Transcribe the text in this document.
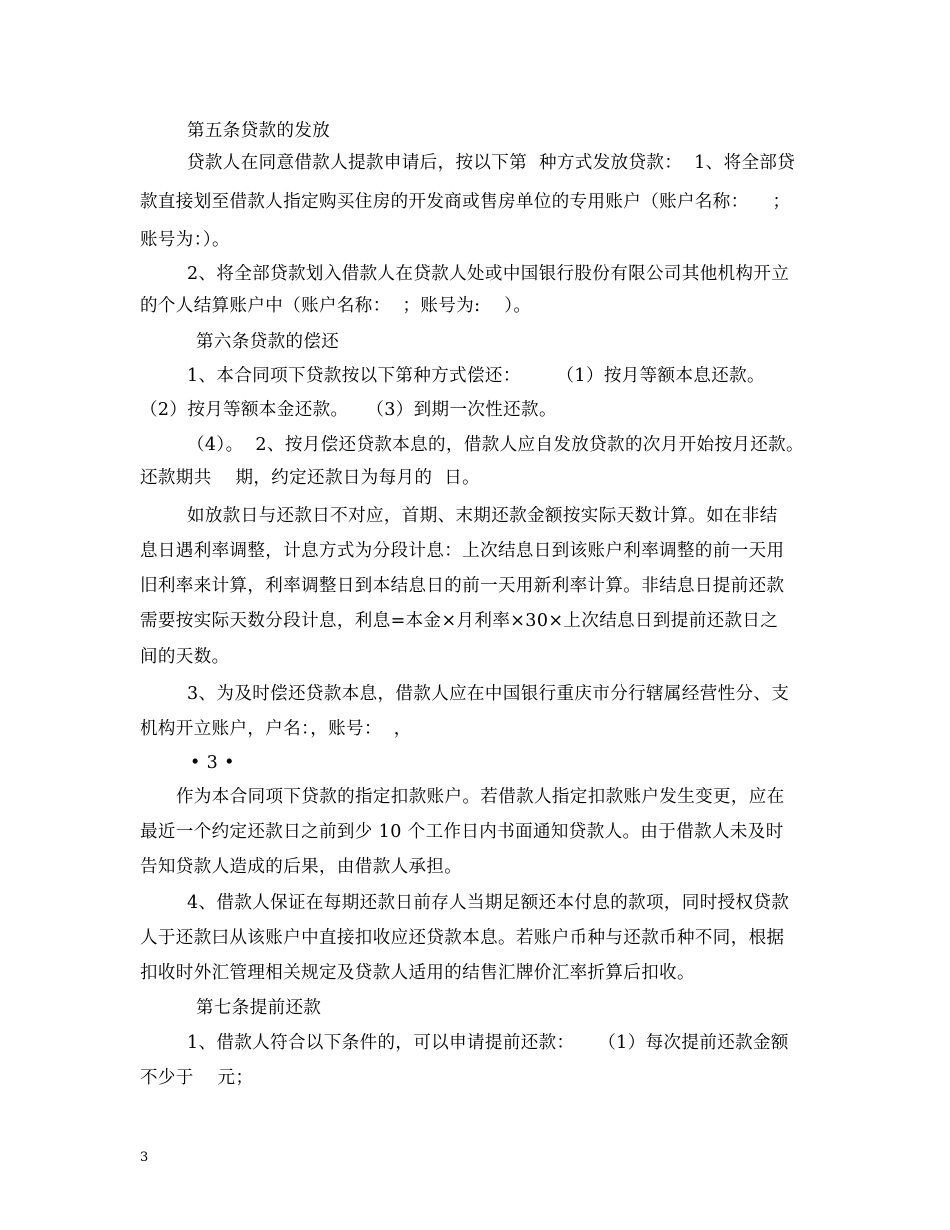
第五条贷款的发放
贷款人在同意借款人提款申请后，按以下第  种方式发放贷款：  1、将全部贷
款直接划至借款人指定购买住房的开发商或售房单位的专用账户（账户名称：    ；
账号为：）。
2、将全部贷款划入借款人在贷款人处或中国银行股份有限公司其他机构开立
的个人结算账户中（账户名称：  ；账号为:    ）。
第六条贷款的偿还
1、本合同项下贷款按以下第种方式偿还：      （1）按月等额本息还款。
（2）按月等额本金还款。   （3）到期一次性还款。
（4）。  2、按月偿还贷款本息的，借款人应自发放贷款的次月开始按月还款。
还款期共    期，约定还款日为每月的  日。
如放款日与还款日不对应，首期、末期还款金额按实际天数计算。如在非结
息日遇利率调整，计息方式为分段计息：上次结息日到该账户利率调整的前一天用
旧利率来计算，利率调整日到本结息日的前一天用新利率计算。非结息日提前还款
需要按实际天数分段计息，利息=本金×月利率×30×上次结息日到提前还款日之
间的天数。
3、为及时偿还贷款本息，借款人应在中国银行重庆市分行辖属经营性分、支
机构开立账户，户名：，账号：  ，
• 3 •
作为本合同项下贷款的指定扣款账户。若借款人指定扣款账户发生变更，应在
最近一个约定还款日之前到少 10 个工作日内书面通知贷款人。由于借款人未及时
告知贷款人造成的后果，由借款人承担。
4、借款人保证在每期还款日前存人当期足额还本付息的款项，同时授权贷款
人于还款曰从该账户中直接扣收应还贷款本息。若账户币种与还款币种不同，根据
扣收时外汇管理相关规定及贷款人适用的结售汇牌价汇率折算后扣收。
第七条提前还款
1、借款人符合以下条件的，可以申请提前还款：    （1）每次提前还款金额
不少于    元；
3
